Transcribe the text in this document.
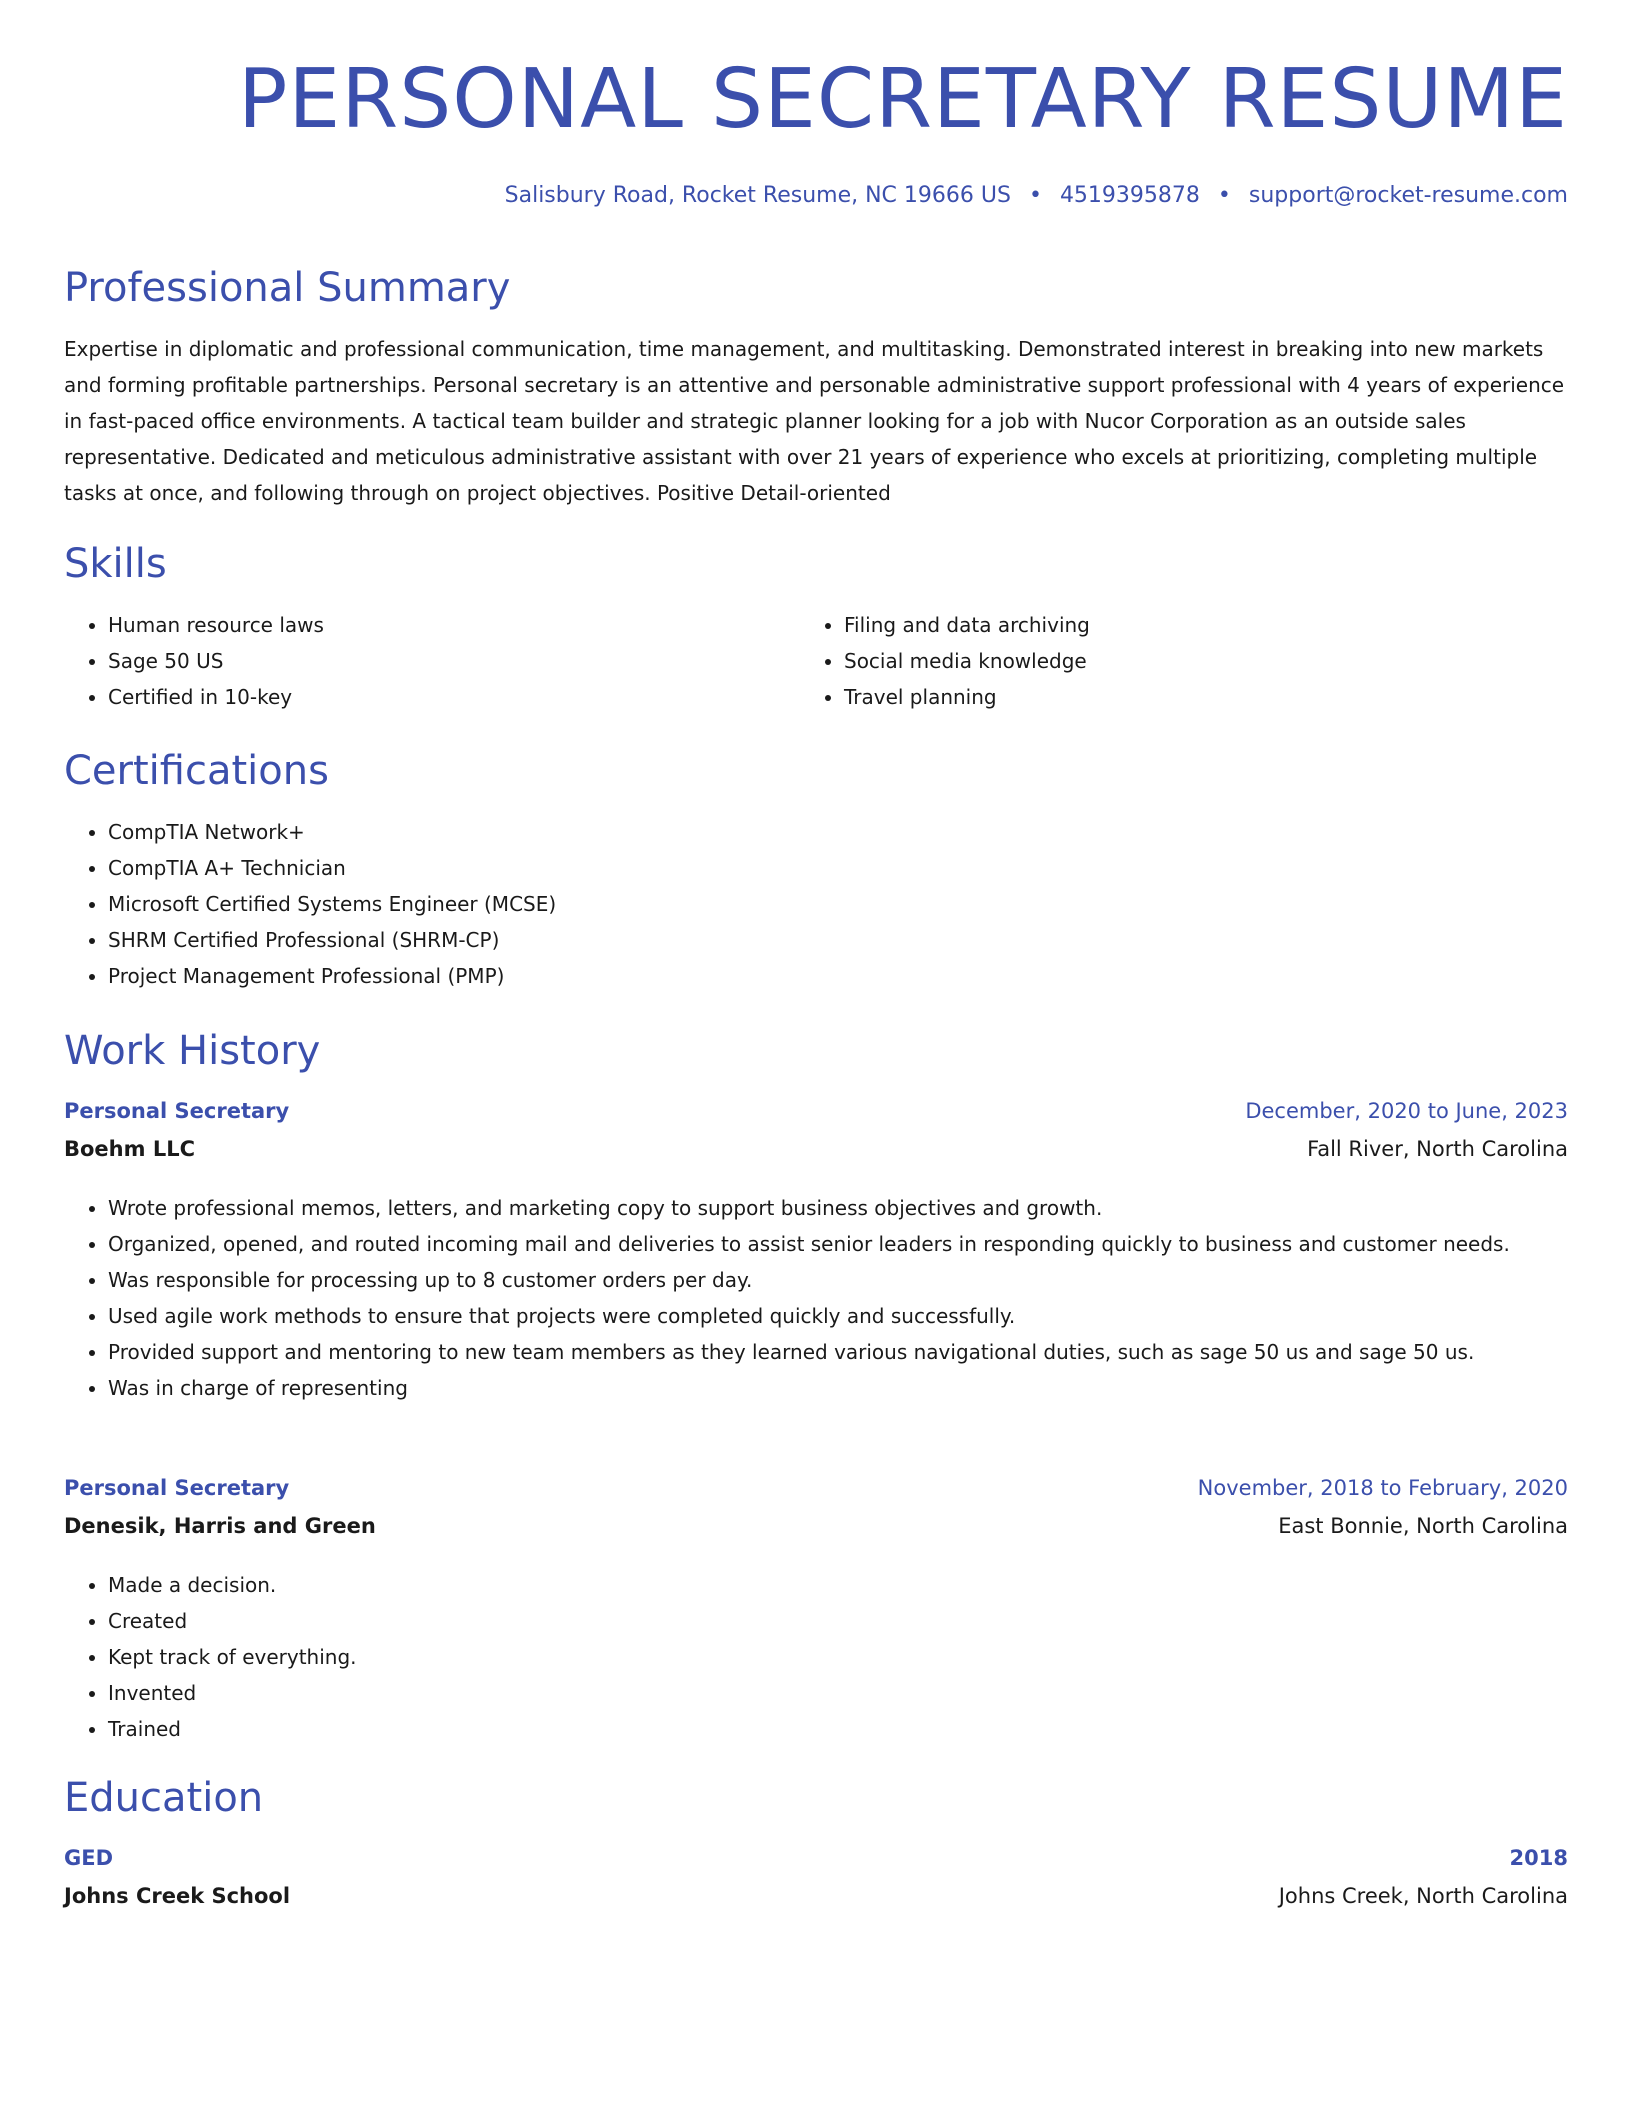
PERSONAL SECRETARY RESUME
Salisbury Road, Rocket Resume, NC 19666 US • 4519395878 • support@rocket-resume.com
Professional Summary

Expertise in diplomatic and professional communication, time management, and multitasking. Demonstrated interest in breaking into new markets and forming profitable partnerships. Personal secretary is an attentive and personable administrative support professional with 4 years of experience in fast-paced office environments. A tactical team builder and strategic planner looking for a job with Nucor Corporation as an outside sales representative. Dedicated and meticulous administrative assistant with over 21 years of experience who excels at prioritizing, completing multiple tasks at once, and following through on project objectives. Positive Detail-oriented

Skills
• Human resource laws
• Sage 50 US
• Certified in 10-key
• Filing and data archiving
• Social media knowledge
• Travel planning
Certifications
• CompTIA Network+
• CompTIA A+ Technician
• Microsoft Certified Systems Engineer (MCSE)
• SHRM Certified Professional (SHRM-CP)
• Project Management Professional (PMP)
Work History
Personal Secretary	December, 2020 to June, 2023
Boehm LLC	Fall River, North Carolina
• Wrote professional memos, letters, and marketing copy to support business objectives and growth.
• Organized, opened, and routed incoming mail and deliveries to assist senior leaders in responding quickly to business and customer needs.
• Was responsible for processing up to 8 customer orders per day.
• Used agile work methods to ensure that projects were completed quickly and successfully.
• Provided support and mentoring to new team members as they learned various navigational duties, such as sage 50 us and sage 50 us.
• Was in charge of representing
Personal Secretary	November, 2018 to February, 2020
Denesik, Harris and Green	East Bonnie, North Carolina
• Made a decision.
• Created
• Kept track of everything.
• Invented
• Trained
Education
GED	2018
Johns Creek School	Johns Creek, North Carolina
